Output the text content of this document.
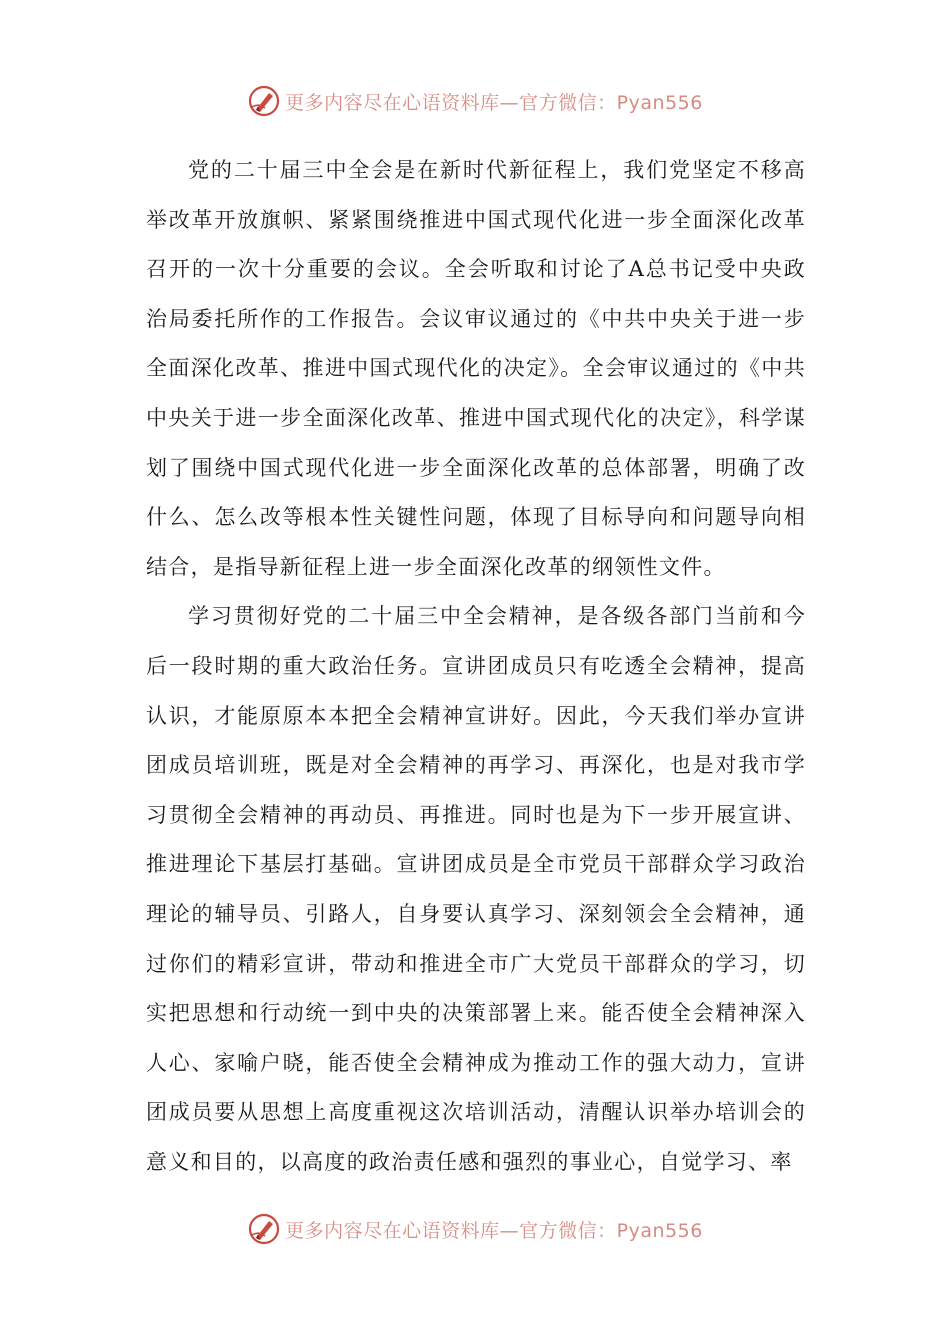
更多内容尽在心语资料库—官方微信：Pyan556

党的二十届三中全会是在新时代新征程上，我们党坚定不移高举改革开放旗帜、紧紧围绕推进中国式现代化进一步全面深化改革召开的一次十分重要的会议。全会听取和讨论了A总书记受中央政治局委托所作的工作报告。会议审议通过的《中共中央关于进一步全面深化改革、推进中国式现代化的决定》。全会审议通过的《中共中央关于进一步全面深化改革、推进中国式现代化的决定》，科学谋划了围绕中国式现代化进一步全面深化改革的总体部署，明确了改什么、怎么改等根本性关键性问题，体现了目标导向和问题导向相结合，是指导新征程上进一步全面深化改革的纲领性文件。

学习贯彻好党的二十届三中全会精神，是各级各部门当前和今后一段时期的重大政治任务。宣讲团成员只有吃透全会精神，提高认识，才能原原本本把全会精神宣讲好。因此，今天我们举办宣讲团成员培训班，既是对全会精神的再学习、再深化，也是对我市学习贯彻全会精神的再动员、再推进。同时也是为下一步开展宣讲、推进理论下基层打基础。宣讲团成员是全市党员干部群众学习政治理论的辅导员、引路人，自身要认真学习、深刻领会全会精神，通过你们的精彩宣讲，带动和推进全市广大党员干部群众的学习，切实把思想和行动统一到中央的决策部署上来。能否使全会精神深入人心、家喻户晓，能否使全会精神成为推动工作的强大动力，宣讲团成员要从思想上高度重视这次培训活动，清醒认识举办培训会的意义和目的，以高度的政治责任感和强烈的事业心，自觉学习、率

更多内容尽在心语资料库—官方微信：Pyan556
